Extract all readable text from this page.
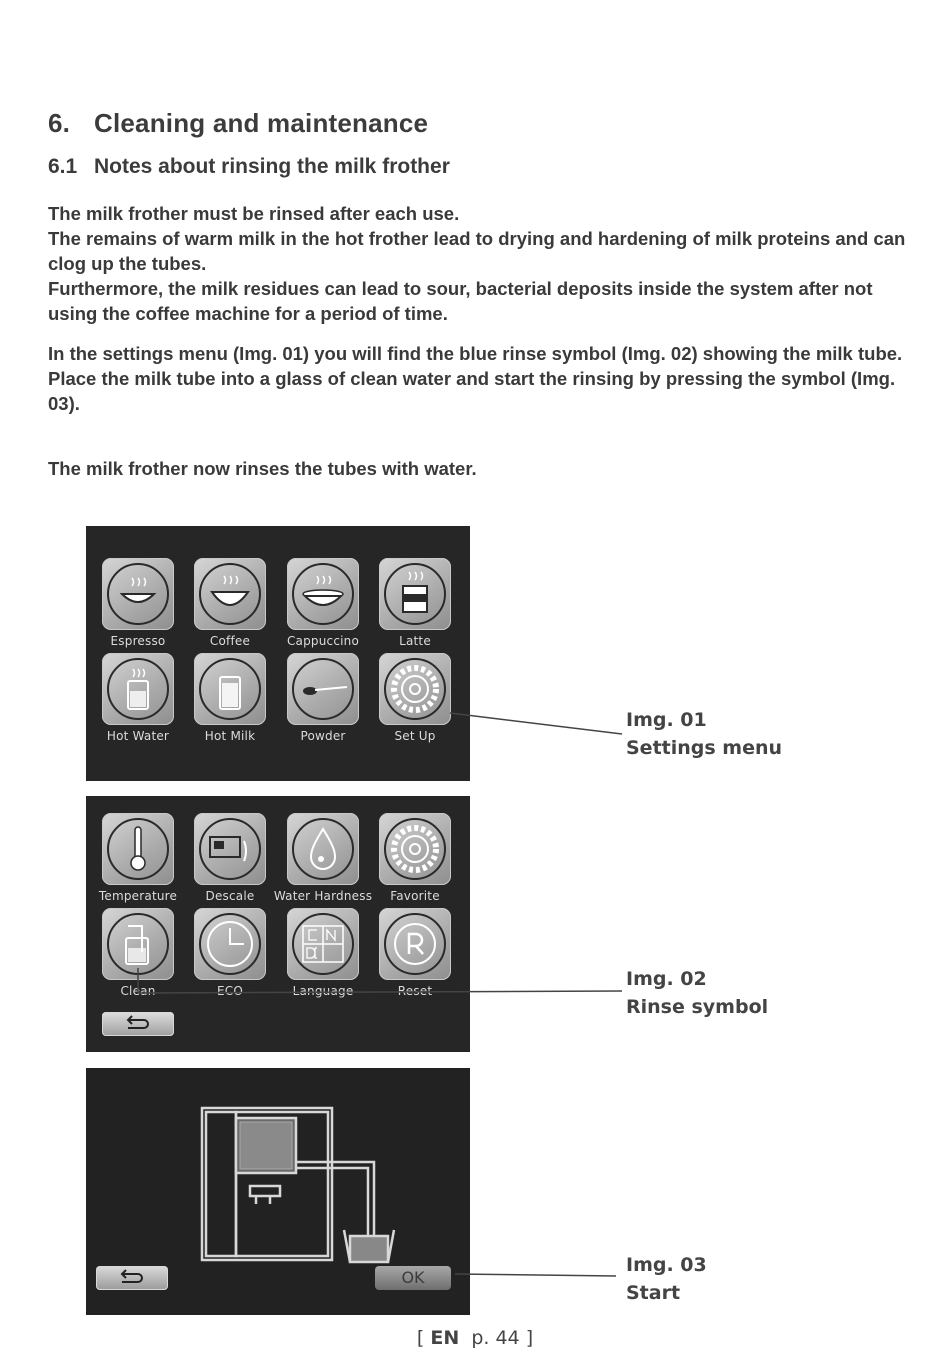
6. Cleaning and maintenance
6.1 Notes about rinsing the milk frother

The milk frother must be rinsed after each use.

The remains of warm milk in the hot frother lead to drying and hardening of milk proteins and can clog up the tubes.

Furthermore, the milk residues can lead to sour, bacterial deposits inside the system after not using the coffee machine for a period of time.

In the settings menu (Img. 01) you will find the blue rinse symbol (Img. 02) showing the milk tube.

Place the milk tube into a glass of clean water and start the rinsing by pressing the symbol (Img. 03).

The milk frother now rinses the tubes with water.

Espresso	Coffee	Cappuccino	Latte
Hot Water	Hot Milk	Powder	Set Up
Temperature	Descale	Water Hardness	Favorite
Clean	ECO	Language	Reset
OK
Img. 01
Settings menu
Img. 02
Rinse symbol
Img. 03
Start
[ EN p. 44 ]
